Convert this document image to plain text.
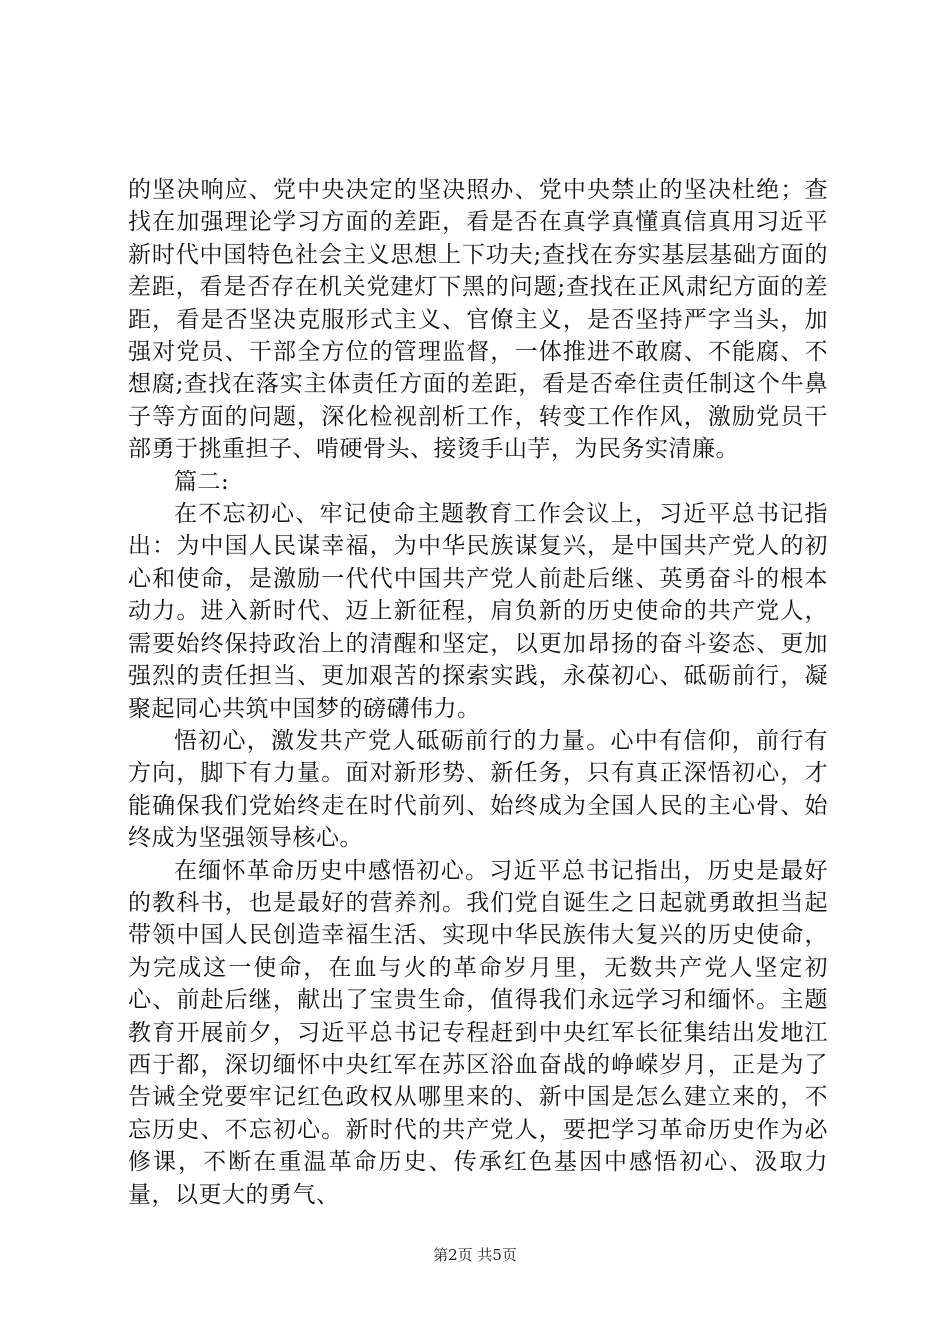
的坚决响应、党中央决定的坚决照办、党中央禁止的坚决杜绝；查找在加强理论学习方面的差距，看是否在真学真懂真信真用习近平新时代中国特色社会主义思想上下功夫;查找在夯实基层基础方面的差距，看是否存在机关党建灯下黑的问题;查找在正风肃纪方面的差距，看是否坚决克服形式主义、官僚主义，是否坚持严字当头，加强对党员、干部全方位的管理监督，一体推进不敢腐、不能腐、不想腐;查找在落实主体责任方面的差距，看是否牵住责任制这个牛鼻子等方面的问题，深化检视剖析工作，转变工作作风，激励党员干部勇于挑重担子、啃硬骨头、接烫手山芋，为民务实清廉。

篇二:

在不忘初心、牢记使命主题教育工作会议上，习近平总书记指出：为中国人民谋幸福，为中华民族谋复兴，是中国共产党人的初心和使命，是激励一代代中国共产党人前赴后继、英勇奋斗的根本动力。进入新时代、迈上新征程，肩负新的历史使命的共产党人，需要始终保持政治上的清醒和坚定，以更加昂扬的奋斗姿态、更加强烈的责任担当、更加艰苦的探索实践，永葆初心、砥砺前行，凝聚起同心共筑中国梦的磅礴伟力。

悟初心，激发共产党人砥砺前行的力量。心中有信仰，前行有方向，脚下有力量。面对新形势、新任务，只有真正深悟初心，才能确保我们党始终走在时代前列、始终成为全国人民的主心骨、始终成为坚强领导核心。

在缅怀革命历史中感悟初心。习近平总书记指出，历史是最好的教科书，也是最好的营养剂。我们党自诞生之日起就勇敢担当起带领中国人民创造幸福生活、实现中华民族伟大复兴的历史使命，为完成这一使命，在血与火的革命岁月里，无数共产党人坚定初心、前赴后继，献出了宝贵生命，值得我们永远学习和缅怀。主题教育开展前夕，习近平总书记专程赶到中央红军长征集结出发地江西于都，深切缅怀中央红军在苏区浴血奋战的峥嵘岁月，正是为了告诫全党要牢记红色政权从哪里来的、新中国是怎么建立来的，不忘历史、不忘初心。新时代的共产党人，要把学习革命历史作为必修课，不断在重温革命历史、传承红色基因中感悟初心、汲取力量，以更大的勇气、

第2页 共5页
